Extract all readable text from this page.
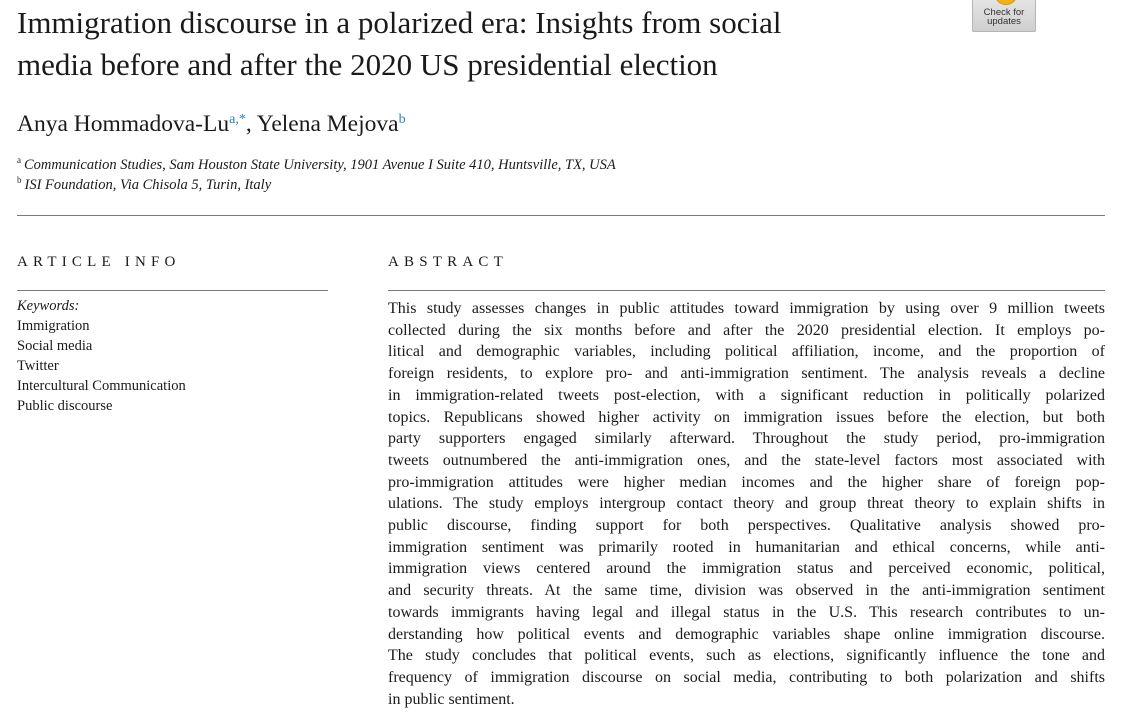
Immigration discourse in a polarized era: Insights from social
media before and after the 2020 US presidential election
Check for
updates
Anya Hommadova-$Lu^{a,*}$, Yelena Mejova$^b$
$^a$ Communication Studies, Sam Houston State University, 1901 Avenue I Suite 410, Huntsville, TX, USA
$^b$ ISI Foundation, Via Chisola 5, Turin, Italy
ARTICLE INFO	ABSTRACT
Keywords:
Immigration
Social media
Twitter
Intercultural Communication
Public discourse
This study assesses changes in public attitudes toward immigration by using over 9 million tweets
collected during the six months before and after the 2020 presidential election. It employs po-
litical and demographic variables, including political affiliation, income, and the proportion of
foreign residents, to explore pro- and anti-immigration sentiment. The analysis reveals a decline
in immigration-related tweets post-election, with a significant reduction in politically polarized
topics. Republicans showed higher activity on immigration issues before the election, but both
party supporters engaged similarly afterward. Throughout the study period, pro-immigration
tweets outnumbered the anti-immigration ones, and the state-level factors most associated with
pro-immigration attitudes were higher median incomes and the higher share of foreign pop-
ulations. The study employs intergroup contact theory and group threat theory to explain shifts in
public discourse, finding support for both perspectives. Qualitative analysis showed pro-
immigration sentiment was primarily rooted in humanitarian and ethical concerns, while anti-
immigration views centered around the immigration status and perceived economic, political,
and security threats. At the same time, division was observed in the anti-immigration sentiment
towards immigrants having legal and illegal status in the U.S. This research contributes to un-
derstanding how political events and demographic variables shape online immigration discourse.
The study concludes that political events, such as elections, significantly influence the tone and
frequency of immigration discourse on social media, contributing to both polarization and shifts
in public sentiment.
